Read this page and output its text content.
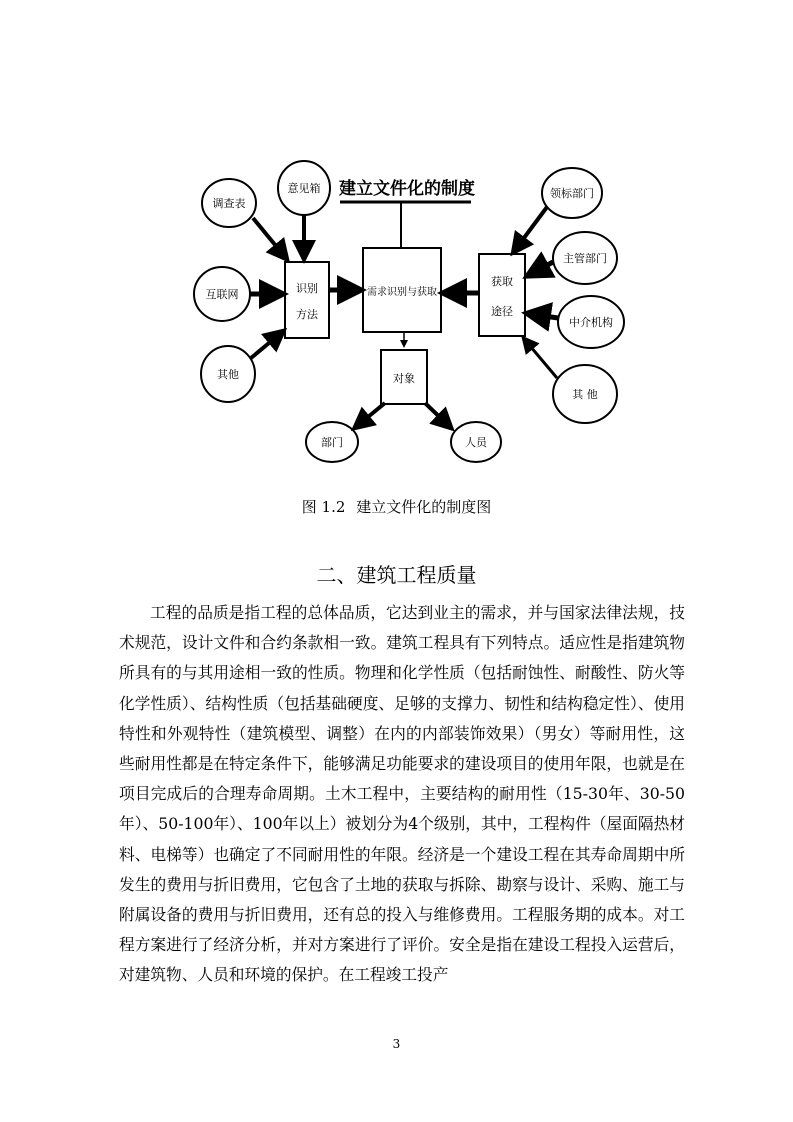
建立文件化的制度
需求识别与获取
识别
方法
获取
途径
对象
调查表
意见箱
互联网
其他
领标部门
主管部门
中介机构
其 他
部门	人员
图 1.2 建立文件化的制度图
二、建筑工程质量

工程的品质是指工程的总体品质，它达到业主的需求，并与国家法律法规，技术规范，设计文件和合约条款相一致。建筑工程具有下列特点。适应性是指建筑物所具有的与其用途相一致的性质。物理和化学性质（包括耐蚀性、耐酸性、防火等化学性质）、结构性质（包括基础硬度、足够的支撑力、韧性和结构稳定性）、使用特性和外观特性（建筑模型、调整）在内的内部装饰效果）（男女）等耐用性，这些耐用性都是在特定条件下，能够满足功能要求的建设项目的使用年限，也就是在项目完成后的合理寿命周期。土木工程中，主要结构的耐用性（15-30年、30-50年）、50-100年）、100年以上）被划分为4个级别，其中，工程构件（屋面隔热材料、电梯等）也确定了不同耐用性的年限。经济是一个建设工程在其寿命周期中所发生的费用与折旧费用，它包含了土地的获取与拆除、勘察与设计、采购、施工与附属设备的费用与折旧费用，还有总的投入与维修费用。工程服务期的成本。对工程方案进行了经济分析，并对方案进行了评价。安全是指在建设工程投入运营后，对建筑物、人员和环境的保护。在工程竣工投产

3
